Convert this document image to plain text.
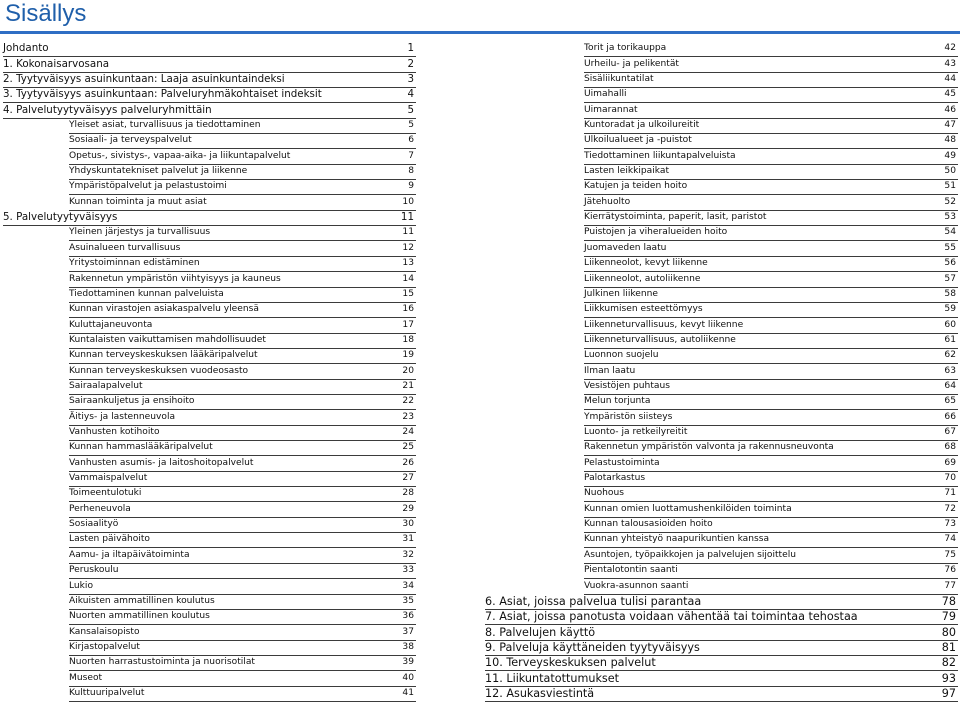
Sisällys
Johdanto	1
1. Kokonaisarvosana	2
2. Tyytyväisyys asuinkuntaan: Laaja asuinkuntaindeksi	3
3. Tyytyväisyys asuinkuntaan: Palveluryhmäkohtaiset indeksit	4
4. Palvelutyytyväisyys palveluryhmittäin	5
Yleiset asiat, turvallisuus ja tiedottaminen	5
Sosiaali- ja terveyspalvelut	6
Opetus-, sivistys-, vapaa-aika- ja liikuntapalvelut	7
Yhdyskuntatekniset palvelut ja liikenne	8
Ympäristöpalvelut ja pelastustoimi	9
Kunnan toiminta ja muut asiat	10
5. Palvelutyytyväisyys	11
Yleinen järjestys ja turvallisuus	11
Asuinalueen turvallisuus	12
Yritystoiminnan edistäminen	13
Rakennetun ympäristön viihtyisyys ja kauneus	14
Tiedottaminen kunnan palveluista	15
Kunnan virastojen asiakaspalvelu yleensä	16
Kuluttajaneuvonta	17
Kuntalaisten vaikuttamisen mahdollisuudet	18
Kunnan terveyskeskuksen lääkäripalvelut	19
Kunnan terveyskeskuksen vuodeosasto	20
Sairaalapalvelut	21
Sairaankuljetus ja ensihoito	22
Äitiys- ja lastenneuvola	23
Vanhusten kotihoito	24
Kunnan hammaslääkäripalvelut	25
Vanhusten asumis- ja laitoshoitopalvelut	26
Vammaispalvelut	27
Toimeentulotuki	28
Perheneuvola	29
Sosiaalityö	30
Lasten päivähoito	31
Aamu- ja iltapäivätoiminta	32
Peruskoulu	33
Lukio	34
Aikuisten ammatillinen koulutus	35
Nuorten ammatillinen koulutus	36
Kansalaisopisto	37
Kirjastopalvelut	38
Nuorten harrastustoiminta ja nuorisotilat	39
Museot	40
Kulttuuripalvelut	41
Torit ja torikauppa	42
Urheilu- ja pelikentät	43
Sisäliikuntatilat	44
Uimahalli	45
Uimarannat	46
Kuntoradat ja ulkoilureitit	47
Ulkoilualueet ja -puistot	48
Tiedottaminen liikuntapalveluista	49
Lasten leikkipaikat	50
Katujen ja teiden hoito	51
Jätehuolto	52
Kierrätystoiminta, paperit, lasit, paristot	53
Puistojen ja viheralueiden hoito	54
Juomaveden laatu	55
Liikenneolot, kevyt liikenne	56
Liikenneolot, autoliikenne	57
Julkinen liikenne	58
Liikkumisen esteettömyys	59
Liikenneturvallisuus, kevyt liikenne	60
Liikenneturvallisuus, autoliikenne	61
Luonnon suojelu	62
Ilman laatu	63
Vesistöjen puhtaus	64
Melun torjunta	65
Ympäristön siisteys	66
Luonto- ja retkeilyreitit	67
Rakennetun ympäristön valvonta ja rakennusneuvonta	68
Pelastustoiminta	69
Palotarkastus	70
Nuohous	71
Kunnan omien luottamushenkilöiden toiminta	72
Kunnan talousasioiden hoito	73
Kunnan yhteistyö naapurikuntien kanssa	74
Asuntojen, työpaikkojen ja palvelujen sijoittelu	75
Pientalotontin saanti	76
Vuokra-asunnon saanti	77
6. Asiat, joissa palvelua tulisi parantaa	78
7. Asiat, joissa panotusta voidaan vähentää tai toimintaa tehostaa	79
8. Palvelujen käyttö	80
9. Palveluja käyttäneiden tyytyväisyys	81
10. Terveyskeskuksen palvelut	82
11. Liikuntatottumukset	93
12. Asukasviestintä	97
